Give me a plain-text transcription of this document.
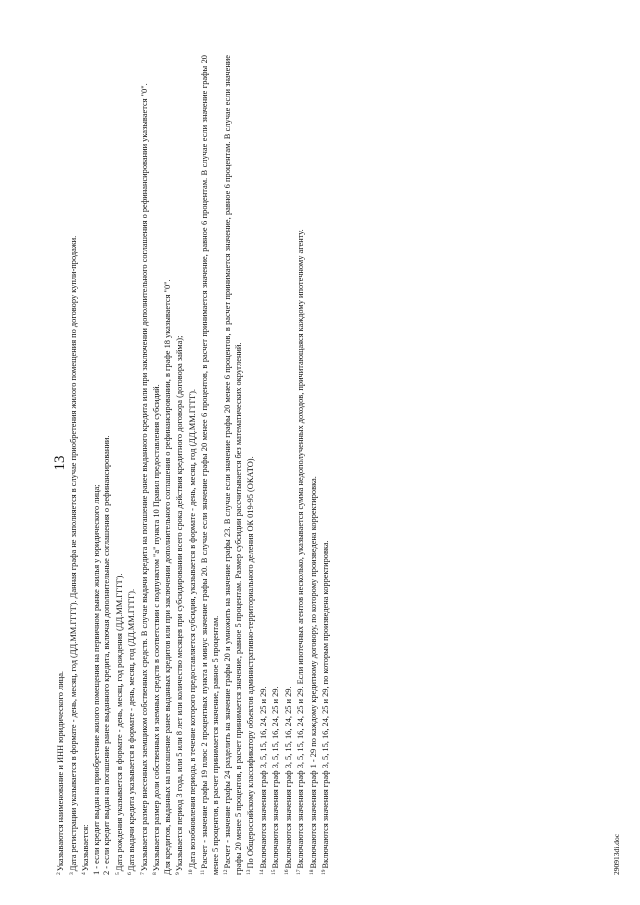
13

$^2$Указываются наименование и ИНН юридического лица.

$^3$Дата регистрации указывается в формате - день, месяц, год (ДД.ММ.ГГГГ). Данная графа не заполняется в случае приобретения жилого помещения по договору купли-продажи.

$^4$Указывается: 1 - если кредит выдан на приобретение жилого помещения на первичном рынке жилья у юридического лица; 2 - если кредит выдан на погашение ранее выданного кредита, включая дополнительные соглашения о рефинансировании. $^5$Дата рождения указывается в формате - день, месяц, год рождения (ДД.ММ.ГГГГ).

$^6$Дата выдачи кредита указывается в формате - день, месяц, год (ДД.ММ.ГГГГ).

$^7$Указывается размер внесенных заемщиком собственных средств. В случае выдачи кредита на погашение ранее выданного кредита или при заключении дополнительного соглашения о рефинансировании указывается "0".

$^8$Указывается размер доли собственных и заемных средств в соответствии с подпунктом "а" пункта 10 Правил предоставления субсидий. Для кредитов, выданных на погашение ранее выданных кредитов или при заключении дополнительного соглашения о рефинансировании, в графе 18 указывается "0". $^9$Указывается период 3 года, или 5 или 8 лет или количество месяцев при субсидировании всего срока действия кредитного договора (договора займа);

$^{10}$Дата возобновления периода, в течение которого предоставляется субсидия, указывается в формате - день, месяц, год (ДД.ММ.ГГГГ).

$^{11}$Расчет - значение графы 19 плюс 2 процентных пункта и минус значение графы 20. В случае если значение графы 20 менее 6 процентов, в расчет принимается значение, равное 6 процентам. В случае если значение графы 20 менее 5 процентов, в расчет принимается значение, равное 5 процентам. $^{12}$Расчет - значение графы 24 разделить на значение графы 20 и умножить на значение графы 23. В случае если значение графы 20 менее 6 процентов, в расчет принимается значение, равное 6 процентам. В случае если значение графы 20 менее 5 процентов, в расчет принимается значение, равное 5 процентам. Размер субсидии рассчитывается без математических округлений. $^{13}$По Общероссийскому классификатору объектов административно-территориального деления ОК 019-95 (ОКАТО).

$^{14}$Включаются значения граф 3, 5, 15, 16, 24, 25 и 29.

$^{15}$Включаются значения граф 3, 5, 15, 16, 24, 25 и 29.

$^{16}$Включаются значения граф 3, 5, 15, 16, 24, 25 и 29.

$^{17}$Включаются значения граф 3, 5, 15, 16, 24, 25 и 29. Если ипотечных агентов несколько, указывается сумма недополученных доходов, причитающаяся каждому ипотечному агенту.

$^{18}$Включаются значения граф 1 - 29 по каждому кредитному договору, по которому произведена корректировка.

$^{19}$Включаются значения граф 3, 5, 15, 16, 24, 25 и 29, по которым произведена корректировка.	290913di.doc
